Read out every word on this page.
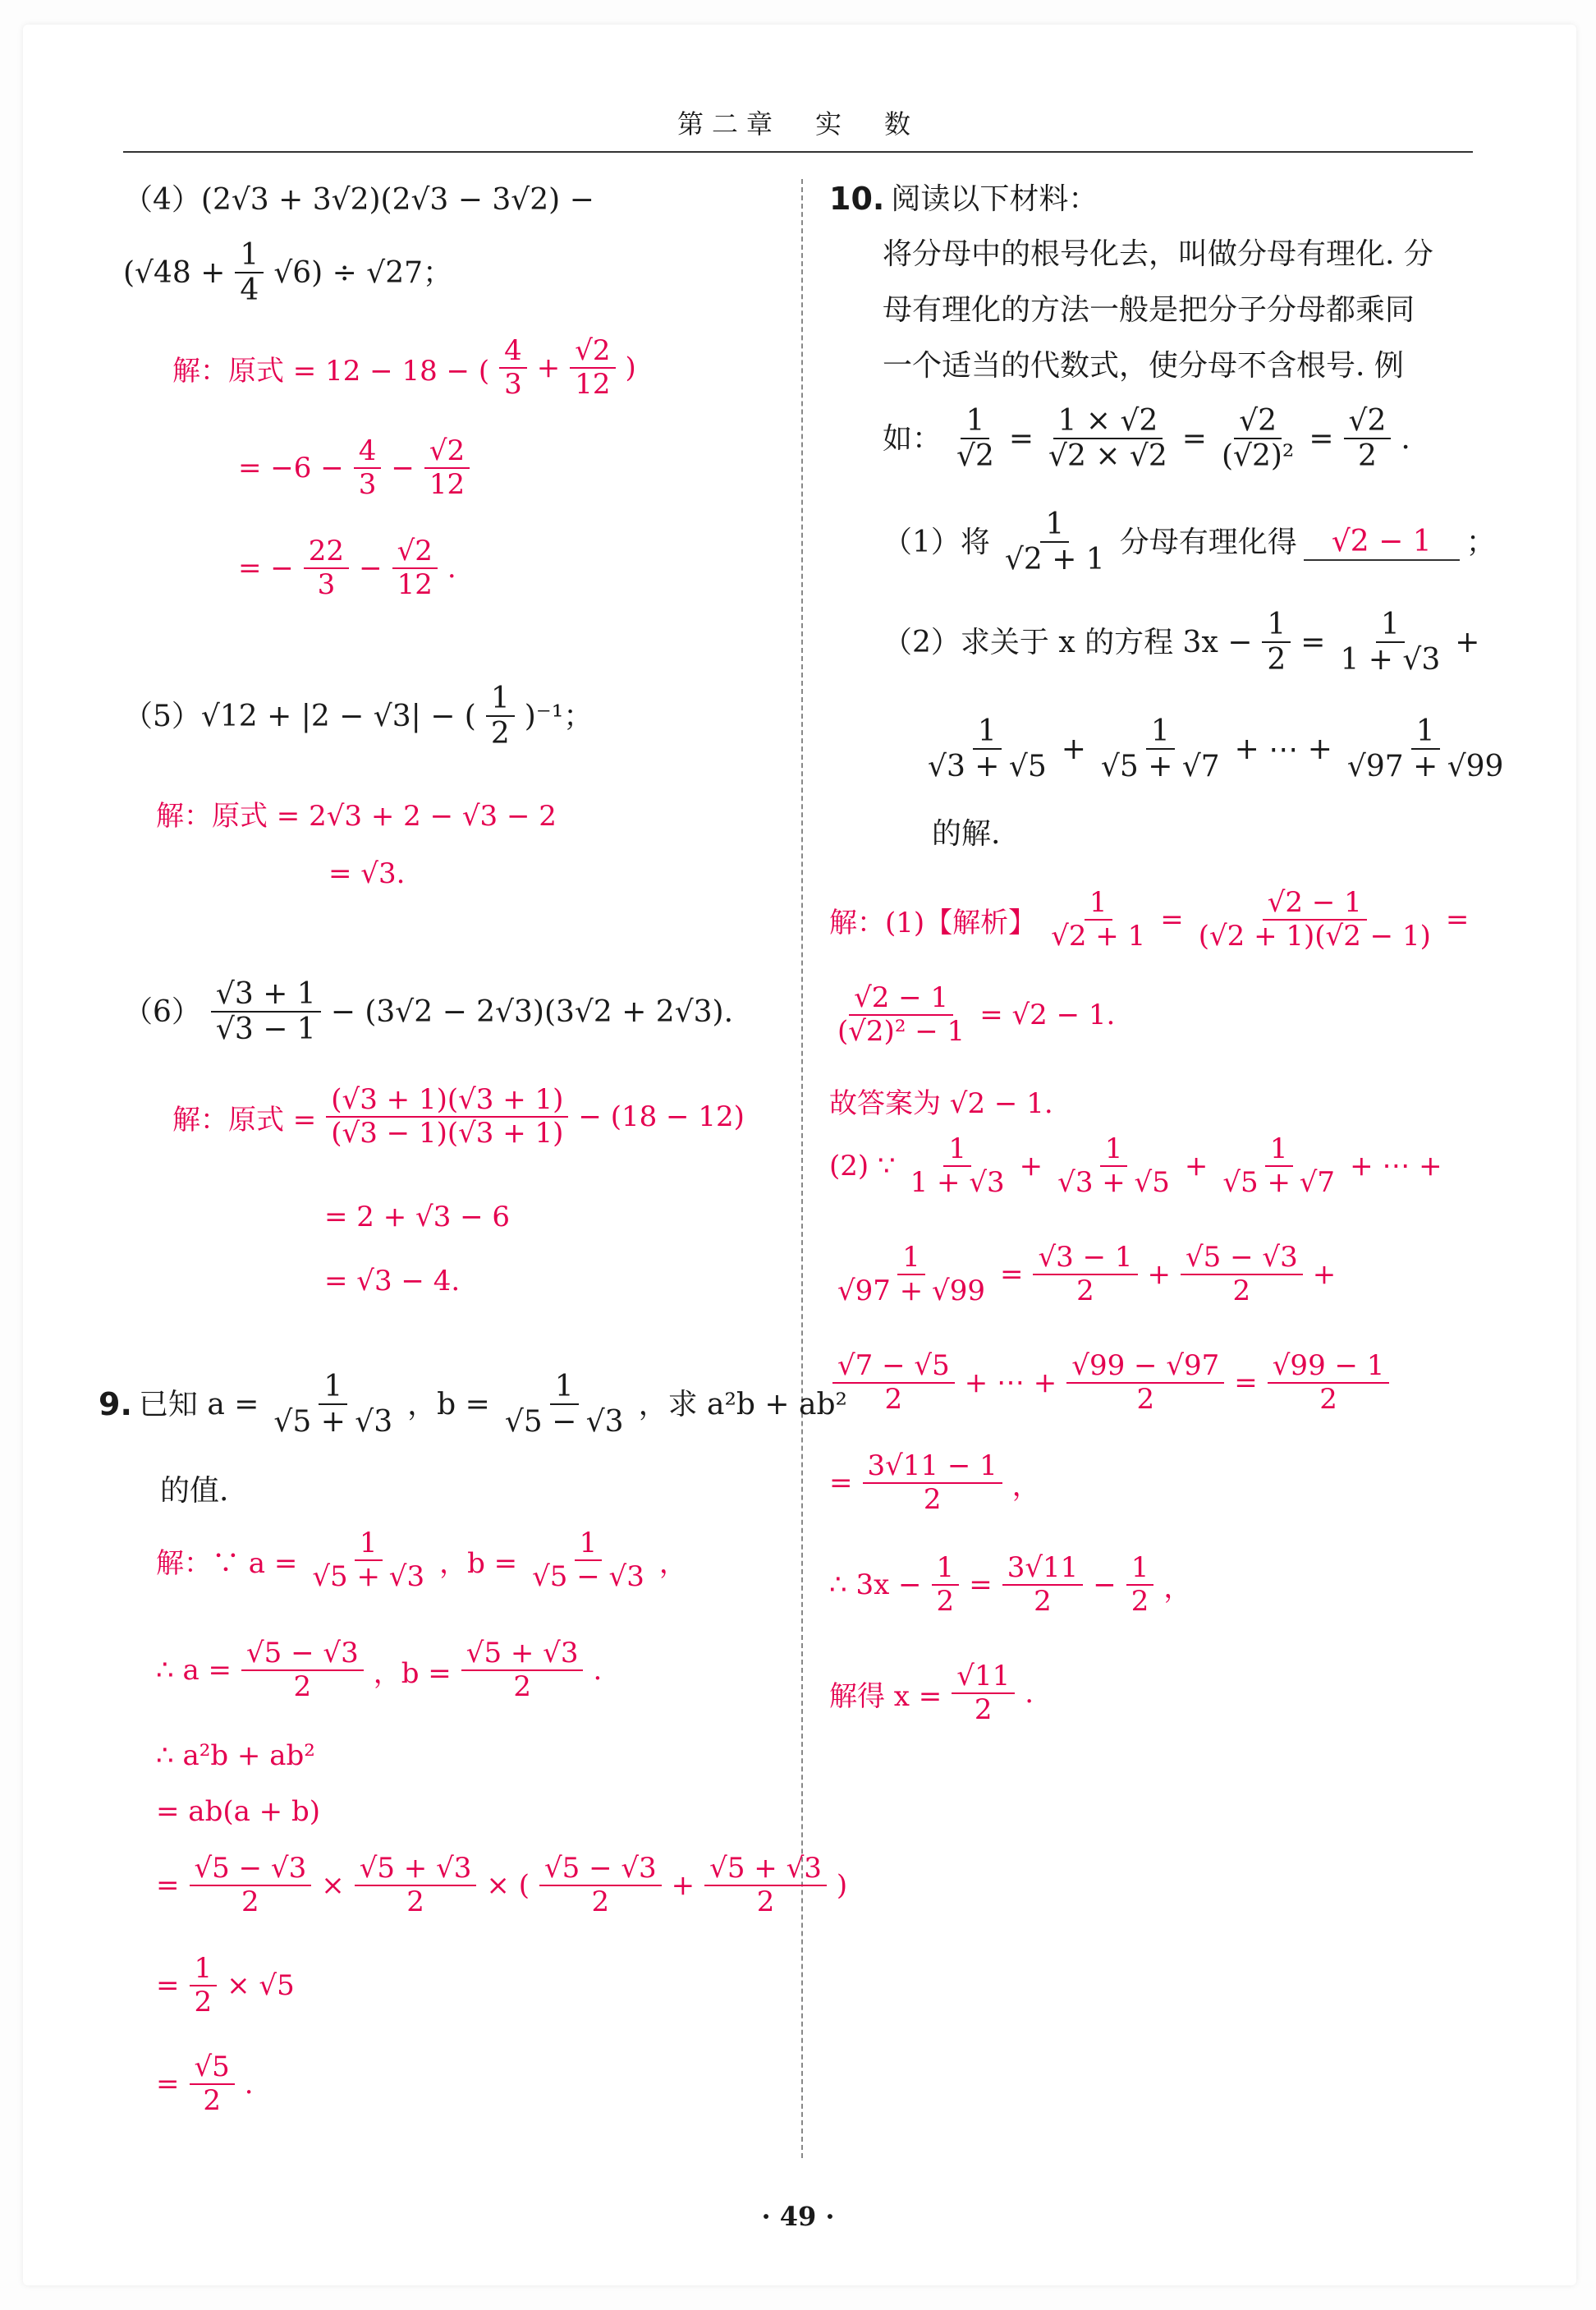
第二章　实　数
（4）(2√3 + 3√2)(2√3 − 3√2) −
$(√48 + \frac{1}{4} √6) \div √27$；
解：原式 = 12 − 18 − ( $\frac{4}{3} + \frac{√2}{12}$ )
= $-6 - \frac{4}{3} - \frac{√2}{12}$
= − $\frac{22}{3} - \frac{√2}{12}$ .
（5）√12 + |2 − √3| − ( $\frac{1}{2} )^{-1}$；
解：原式 = 2√3 + 2 − √3 − 2
= √3.
$(6) \frac{√3 + 1}{√3 - 1} - (3√2 - 2√3)(3√2 + 2√3)$.
解：原式 = $\frac{(√3 + 1)(√3 + 1)}{(√3 - 1)(√3 + 1)} - (18 - 12)$
= 2 + √3 − 6
= √3 − 4.
9. 已知 $a = \frac{1}{√5 + √3}$ ，$b = \frac{1}{√5 - √3}$ ，求 a²b + ab²
的值.
解：∵ $a = \frac{1}{√5 + √3}$ ，$b = \frac{1}{√5 - √3}$ ，
∴ $a = \frac{√5 - √3}{2}$ ，$b = \frac{√5 + √3}{2}$ .
∴ a²b + ab²
= ab(a + b)
= $\frac{√5 - √3}{2} \times \frac{√5 + √3}{2}$ × ( $\frac{√5 - √3}{2} + \frac{√5 + √3}{2}$ )
= $\frac{1}{2} \times √5$
= $\frac{√5}{2}$ .
10. 阅读以下材料：
将分母中的根号化去，叫做分母有理化. 分
母有理化的方法一般是把分子分母都乘同
一个适当的代数式，使分母不含根号. 例
如： $\frac{1}{√2} = \frac{1 \times √2}{√2 \times √2} = \frac{√2}{\text{(√2)²}} = \frac{√2}{2}$ .
（1）将 $\frac{1}{√2 + 1}$ 分母有理化得	√2 − 1	；
（2）求关于 x 的方程 $3x - \frac{1}{2} = \frac{1}{1 + √3}$ +
$\frac{1}{√3 + √5} + \frac{1}{√5 + √7}$ + ⋯ + $\frac{1}{√97 + √99}$
的解.
解：(1)【解析】 $\frac{1}{√2 + 1} = \frac{√2 - 1}{(√2 + 1)(√2 - 1)}$ =
$\frac{√2 - 1}{\text{(√2)² − 1}} = √2 - 1$.
故答案为 √2 − 1.
(2) ∵ $\frac{1}{1 + √3} + \frac{1}{√3 + √5} + \frac{1}{√5 + √7}$ + ⋯ +
$\frac{1}{√97 + √99} = \frac{√3 - 1}{2} + \frac{√5 - √3}{2}$ +
$\frac{√7 - √5}{2}$ + ⋯ + $\frac{√99 - √97}{2} = \frac{√99 - 1}{2}$
= $\frac{3√11 - 1}{2}$ ，
∴ $3x - \frac{1}{2} = \frac{3√11}{2} - \frac{1}{2}$ ，
解得 $x = \frac{√11}{2}$ .
· 49 ·
